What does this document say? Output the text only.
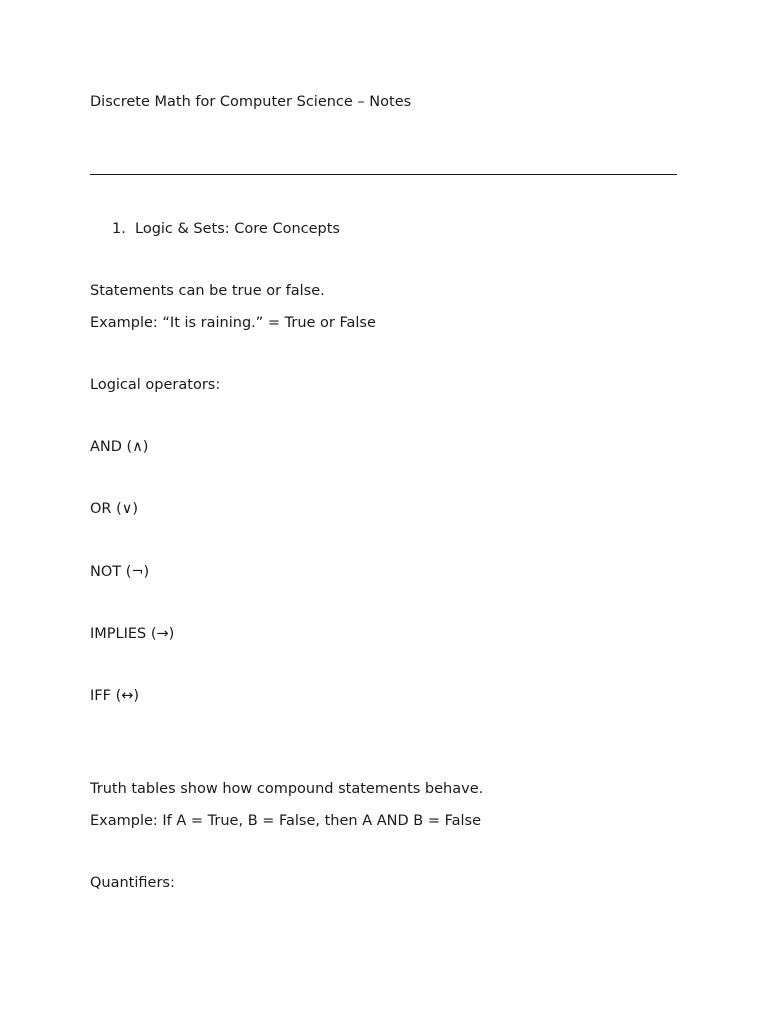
Discrete Math for Computer Science – Notes
1. Logic & Sets: Core Concepts
Statements can be true or false.
Example: “It is raining.” = True or False
Logical operators:
AND (∧)
OR (∨)
NOT (¬)
IMPLIES (→)
IFF (↔)
Truth tables show how compound statements behave.
Example: If A = True, B = False, then A AND B = False
Quantifiers:
